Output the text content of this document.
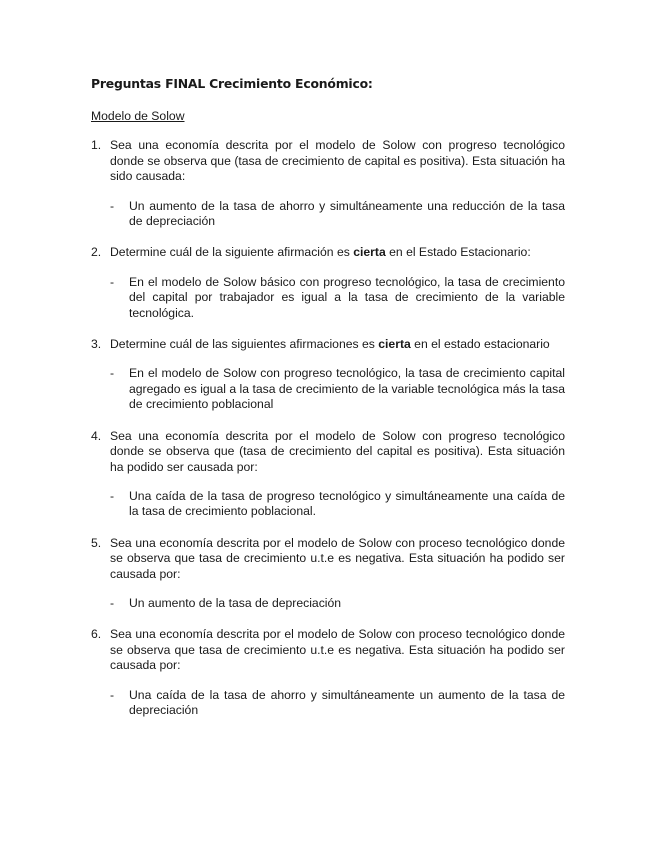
Preguntas FINAL Crecimiento Económico:
Modelo de Solow
1. Sea una economía descrita por el modelo de Solow con progreso tecnológico donde se observa que (tasa de crecimiento de capital es positiva). Esta situación ha sido causada:
-	Un aumento de la tasa de ahorro y simultáneamente una reducción de la tasa de depreciación
2. Determine cuál de la siguiente afirmación es cierta en el Estado Estacionario:
-	En el modelo de Solow básico con progreso tecnológico, la tasa de crecimiento del capital por trabajador es igual a la tasa de crecimiento de la variable tecnológica.
3. Determine cuál de las siguientes afirmaciones es cierta en el estado estacionario
-	En el modelo de Solow con progreso tecnológico, la tasa de crecimiento capital agregado es igual a la tasa de crecimiento de la variable tecnológica más la tasa de crecimiento poblacional
4. Sea una economía descrita por el modelo de Solow con progreso tecnológico donde se observa que (tasa de crecimiento del capital es positiva). Esta situación ha podido ser causada por:
-	Una caída de la tasa de progreso tecnológico y simultáneamente una caída de la tasa de crecimiento poblacional.
5. Sea una economía descrita por el modelo de Solow con proceso tecnológico donde se observa que tasa de crecimiento u.t.e es negativa. Esta situación ha podido ser causada por:
-	Un aumento de la tasa de depreciación
6. Sea una economía descrita por el modelo de Solow con proceso tecnológico donde se observa que tasa de crecimiento u.t.e es negativa. Esta situación ha podido ser causada por:
-	Una caída de la tasa de ahorro y simultáneamente un aumento de la tasa de depreciación
